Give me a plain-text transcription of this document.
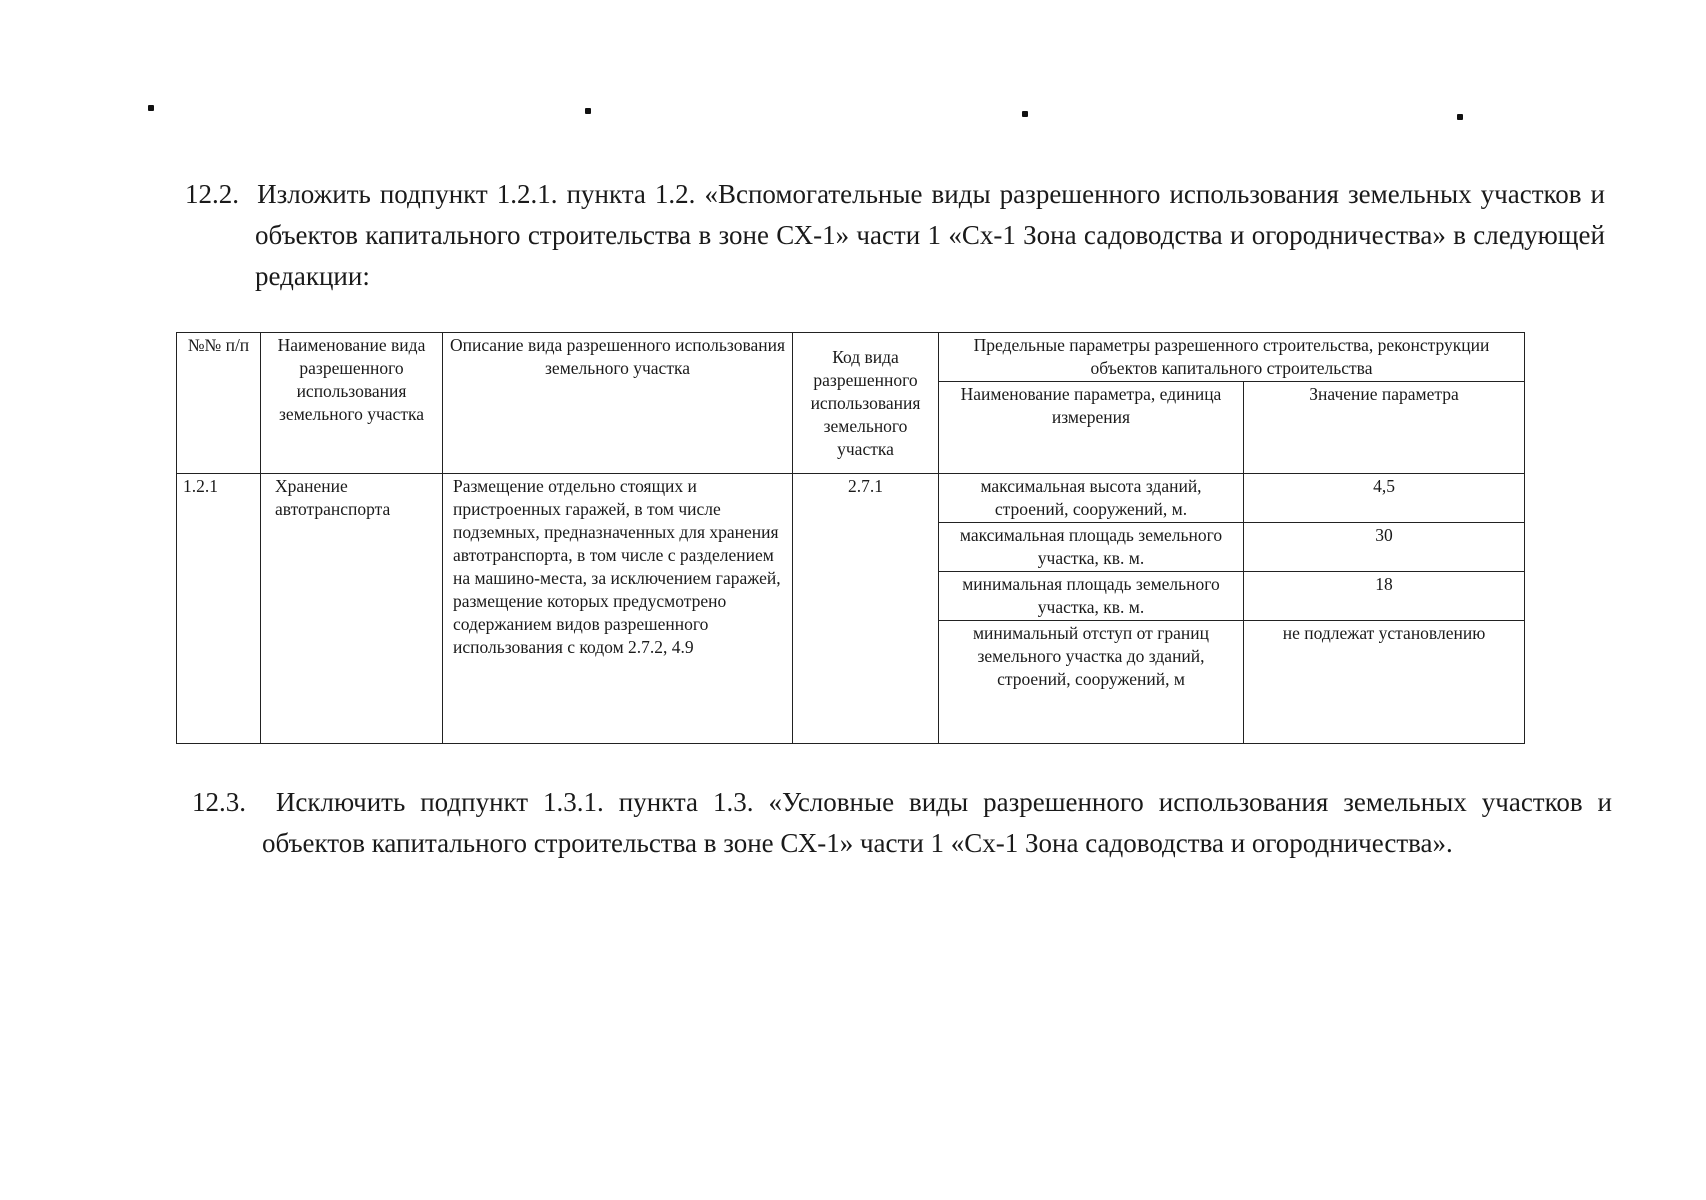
12.2. Изложить подпункт 1.2.1. пункта 1.2. «Вспомогательные виды разрешенного использования земельных участков и объектов капитального строительства в зоне СХ-1» части 1 «Сх-1 Зона садоводства и огородничества» в следующей редакции:
№№ п/п	Наименование вида разрешенного использования земельного участка	Описание вида разрешенного использования земельного участка	Код вида разрешенного использования земельного участка	Предельные параметры разрешенного строительства, реконструкции объектов капитального строительства	
				Наименование параметра, единица измерения	Значение параметра
1.2.1	Хранение автотранспорта	Размещение отдельно стоящих и пристроенных гаражей, в том числе подземных, предназначенных для хранения автотранспорта, в том числе с разделением на машино-места, за исключением гаражей, размещение которых предусмотрено содержанием видов разрешенного использования с кодом 2.7.2, 4.9	2.7.1	максимальная высота зданий, строений, сооружений, м.	4,5
				максимальная площадь земельного участка, кв. м.	30
				минимальная площадь земельного участка, кв. м.	18
				минимальный отступ от границ земельного участка до зданий, строений, сооружений, м	не подлежат установлению
12.3. Исключить подпункт 1.3.1. пункта 1.3. «Условные виды разрешенного использования земельных участков и объектов капитального строительства в зоне СХ-1» части 1 «Сх-1 Зона садоводства и огородничества».
